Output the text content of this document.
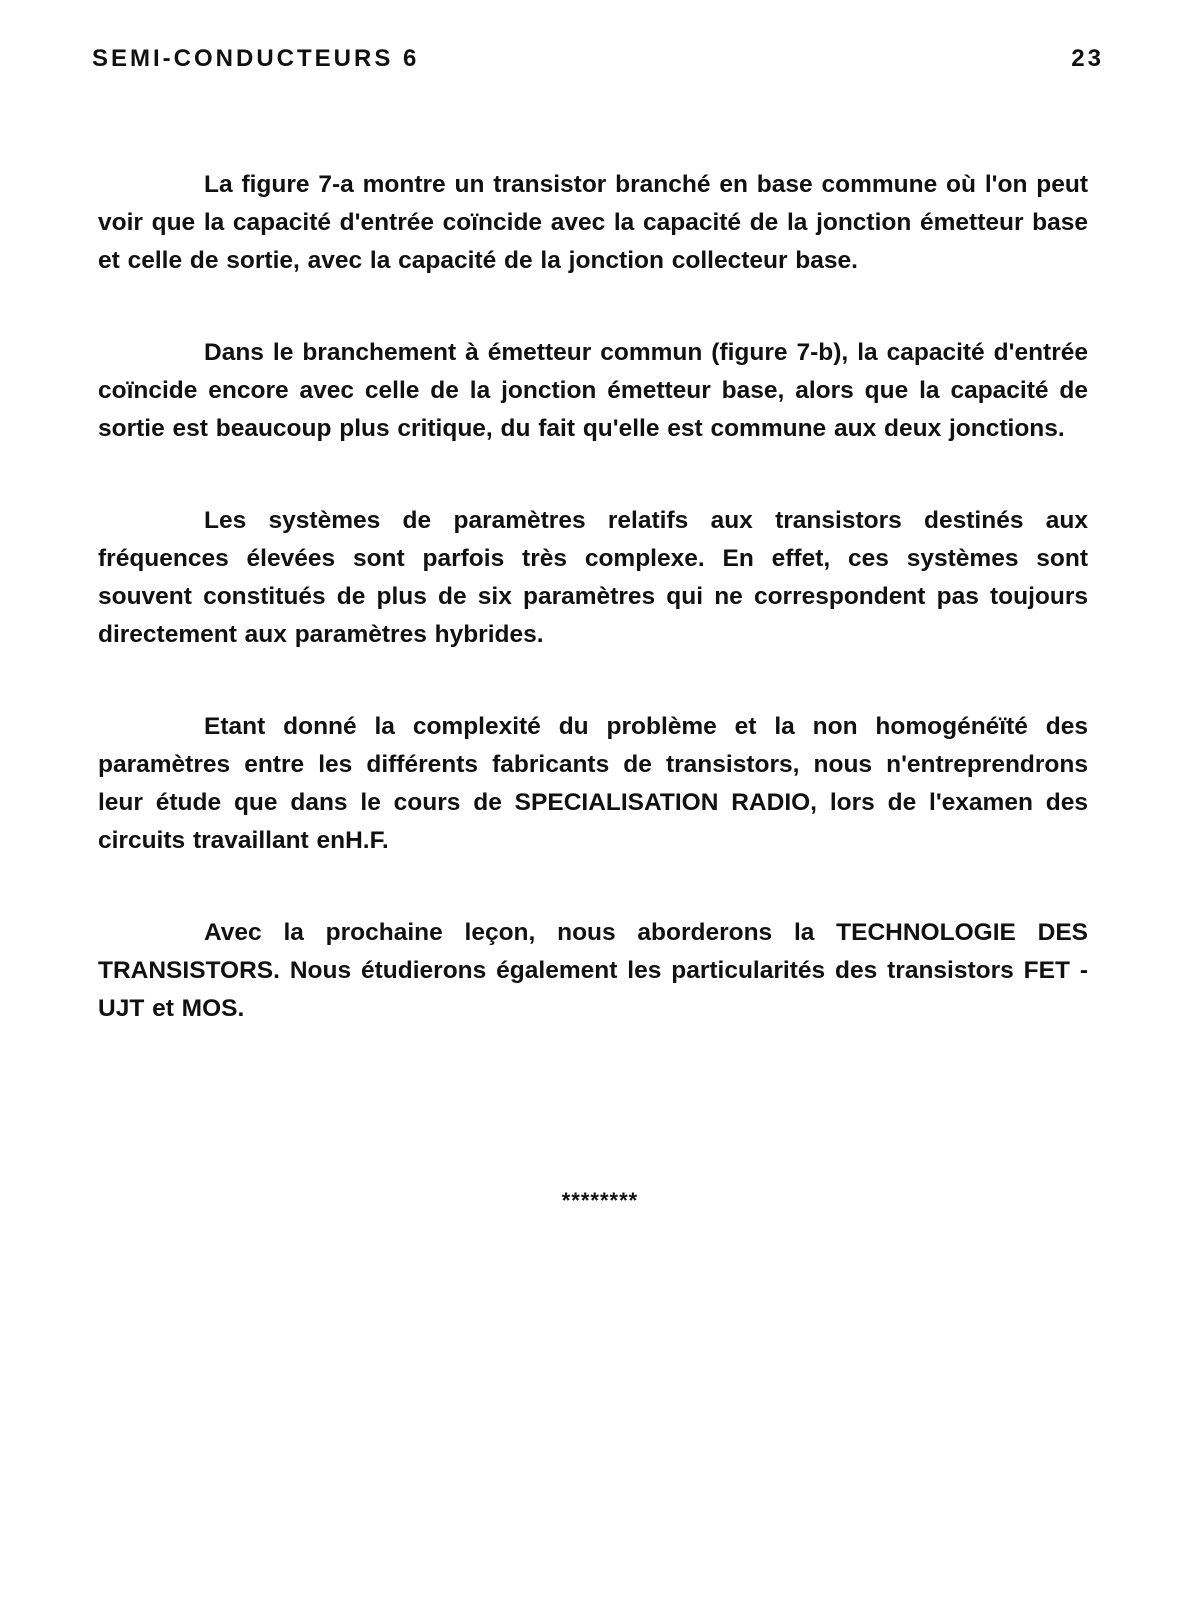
SEMI-CONDUCTEURS 6	23

La figure 7-a montre un transistor branché en base commune où l'on peut voir que la capacité d'entrée coïncide avec la capacité de la jonction émetteur base et celle de sortie, avec la capacité de la jonction collecteur base.

Dans le branchement à émetteur commun (figure 7-b), la capacité d'entrée coïncide encore avec celle de la jonction émetteur base, alors que la capacité de sortie est beaucoup plus critique, du fait qu'elle est commune aux deux jonctions.

Les systèmes de paramètres relatifs aux transistors destinés aux fréquences élevées sont parfois très complexe. En effet, ces systèmes sont souvent constitués de plus de six paramètres qui ne correspondent pas toujours directement aux paramètres hybrides.

Etant donné la complexité du problème et la non homogénéïté des paramètres entre les différents fabricants de transistors, nous n'entreprendrons leur étude que dans le cours de SPECIALISATION RADIO, lors de l'examen des circuits travaillant enH.F.

Avec la prochaine leçon, nous aborderons la TECHNOLOGIE DES TRANSISTORS. Nous étudierons également les particularités des transistors FET - UJT et MOS.

********
